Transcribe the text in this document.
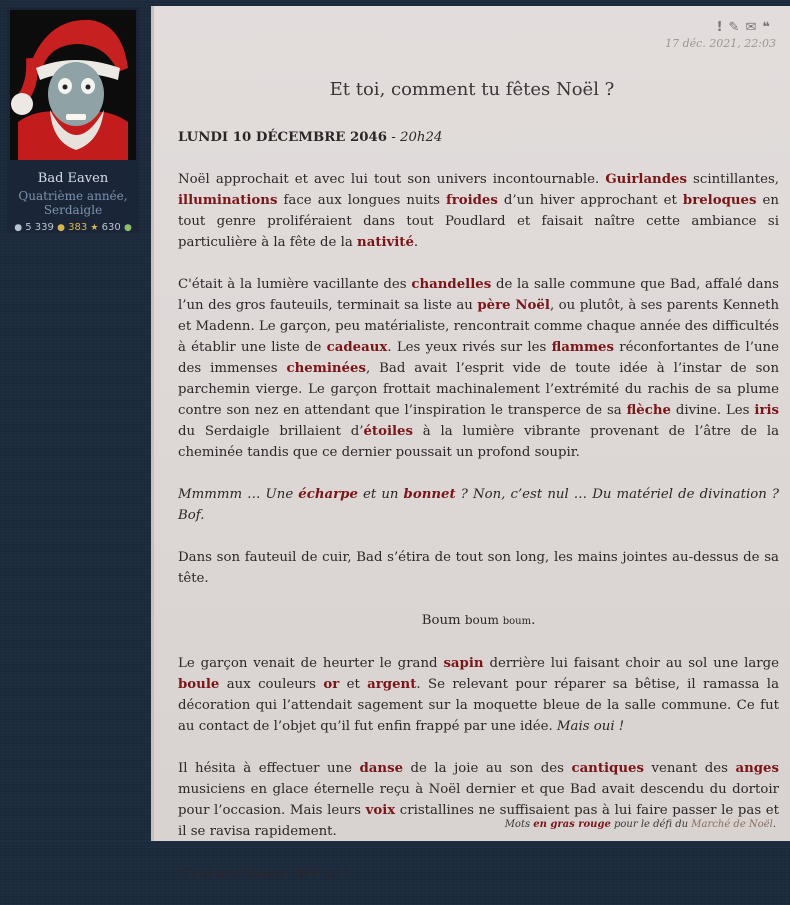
Bad Eaven
Quatrième année,
Serdaigle
● 5 339 ● 383 ★ 630 ●
!✎✉❝
17 déc. 2021, 22:03
Et toi, comment tu fêtes Noël ?

LUNDI 10 DÉCEMBRE 2046 - 20h24

Noël approchait et avec lui tout son univers incontournable. Guirlandes scintillantes, illuminations face aux longues nuits froides d’un hiver approchant et breloques en tout genre proliféraient dans tout Poudlard et faisait naître cette ambiance si particulière à la fête de la nativité.

C'était à la lumière vacillante des chandelles de la salle commune que Bad, affalé dans l’un des gros fauteuils, terminait sa liste au père Noël, ou plutôt, à ses parents Kenneth et Madenn. Le garçon, peu matérialiste, rencontrait comme chaque année des difficultés à établir une liste de cadeaux. Les yeux rivés sur les flammes réconfortantes de l’une des immenses cheminées, Bad avait l’esprit vide de toute idée à l’instar de son parchemin vierge. Le garçon frottait machinalement l’extrémité du rachis de sa plume contre son nez en attendant que l’inspiration le transperce de sa flèche divine. Les iris du Serdaigle brillaient d’étoiles à la lumière vibrante provenant de l’âtre de la cheminée tandis que ce dernier poussait un profond soupir.

Mmmmm … Une écharpe et un bonnet ? Non, c’est nul … Du matériel de divination ? Bof.

Dans son fauteuil de cuir, Bad s’étira de tout son long, les mains jointes au-dessus de sa tête.

Boum boum boum.

Le garçon venait de heurter le grand sapin derrière lui faisant choir au sol une large boule aux couleurs or et argent. Se relevant pour réparer sa bêtise, il ramassa la décoration qui l’attendait sagement sur la moquette bleue de la salle commune. Ce fut au contact de l’objet qu’il fut enfin frappé par une idée. Mais oui !

Il hésita à effectuer une danse de la joie au son des cantiques venant des anges musiciens en glace éternelle reçu à Noël dernier et que Bad avait descendu du dortoir pour l’occasion. Mais leurs voix cristallines ne suffisaient pas à lui faire passer le pas et il se ravisa rapidement.

C’est une bonne idée ça !

Mots en gras rouge pour le défi du Marché de Noël.
